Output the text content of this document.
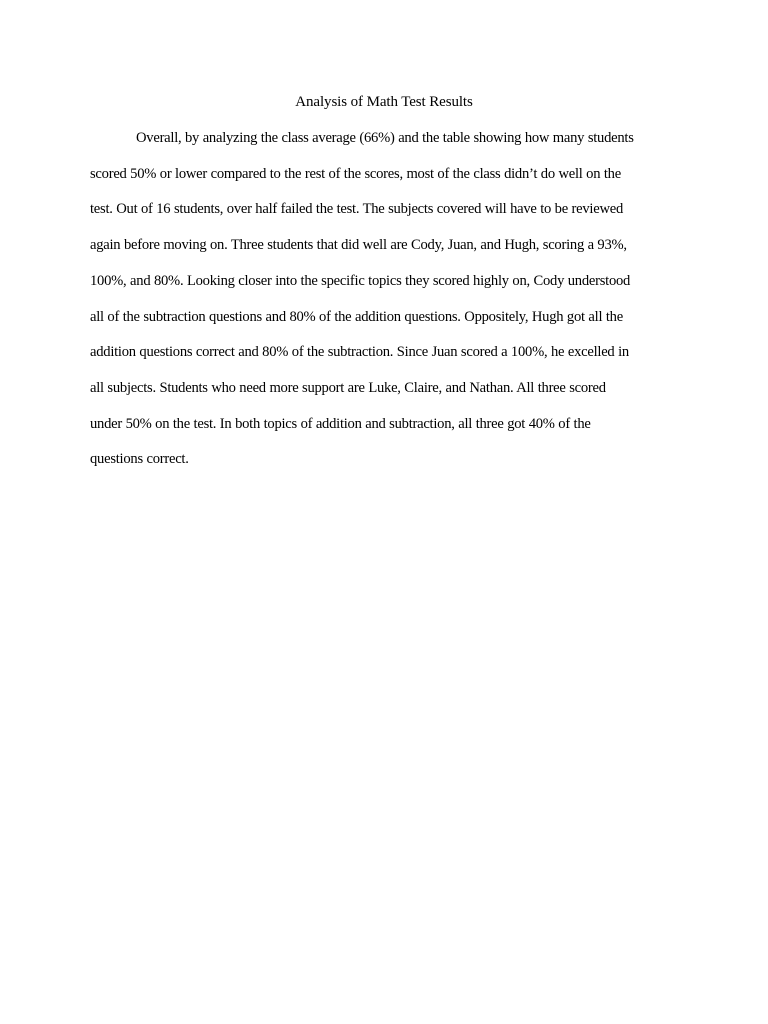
Analysis of Math Test Results

Overall, by analyzing the class average (66%) and the table showing how many students
scored 50% or lower compared to the rest of the scores, most of the class didn’t do well on the
test. Out of 16 students, over half failed the test. The subjects covered will have to be reviewed
again before moving on. Three students that did well are Cody, Juan, and Hugh, scoring a 93%,
100%, and 80%. Looking closer into the specific topics they scored highly on, Cody understood
all of the subtraction questions and 80% of the addition questions. Oppositely, Hugh got all the
addition questions correct and 80% of the subtraction. Since Juan scored a 100%, he excelled in
all subjects. Students who need more support are Luke, Claire, and Nathan. All three scored
under 50% on the test. In both topics of addition and subtraction, all three got 40% of the
questions correct.
